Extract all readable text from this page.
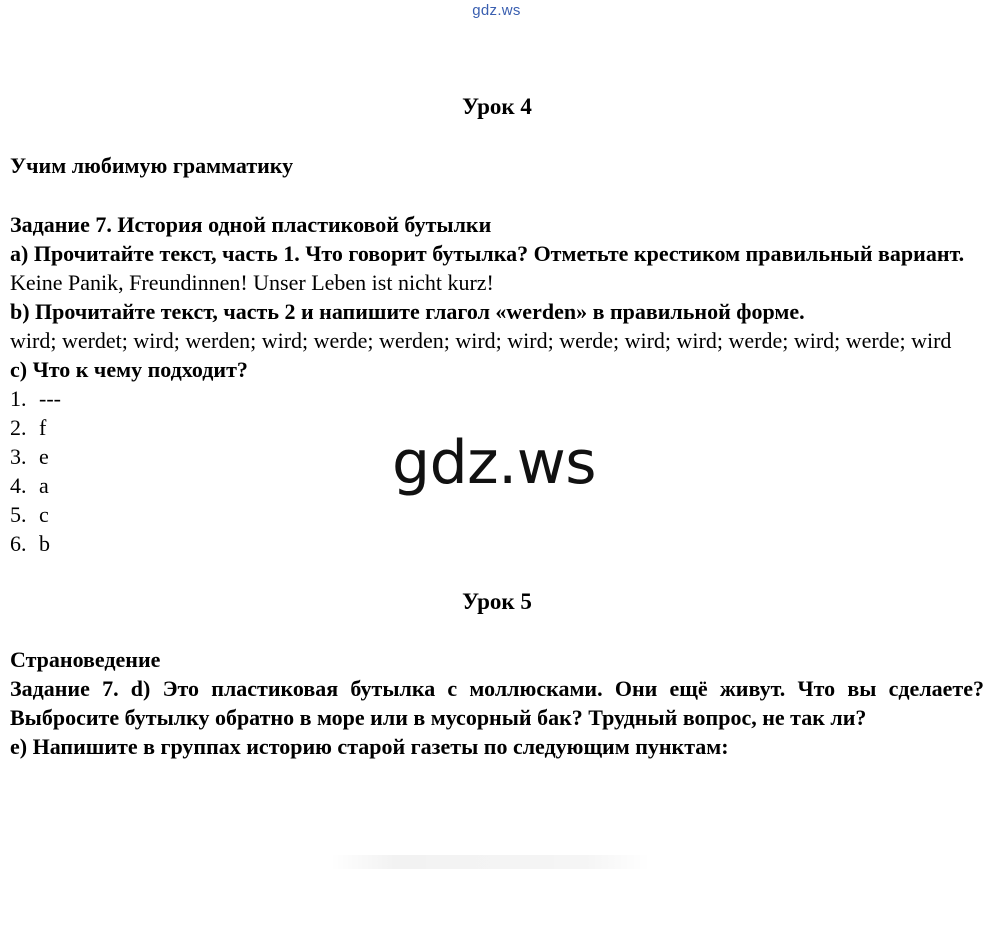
gdz.ws
Урок 4
Учим любимую грамматику
Задание 7. История одной пластиковой бутылки
a) Прочитайте текст, часть 1. Что говорит бутылка? Отметьте крестиком правильный вариант.
Keine Panik, Freundinnen! Unser Leben ist nicht kurz!
b) Прочитайте текст, часть 2 и напишите глагол «werden» в правильной форме.
wird; werdet; wird; werden; wird; werde; werden; wird; wird; werde; wird; wird; werde; wird; werde; wird
c) Что к чему подходит?
1. ---
2. f
3. e
4. a
5. c
6. b
Урок 5
Страноведение
Задание 7. d) Это пластиковая бутылка с моллюсками. Они ещё живут. Что вы сделаете? Выбросите бутылку обратно в море или в мусорный бак? Трудный вопрос, не так ли?
e) Напишите в группах историю старой газеты по следующим пунктам:
gdz.ws
